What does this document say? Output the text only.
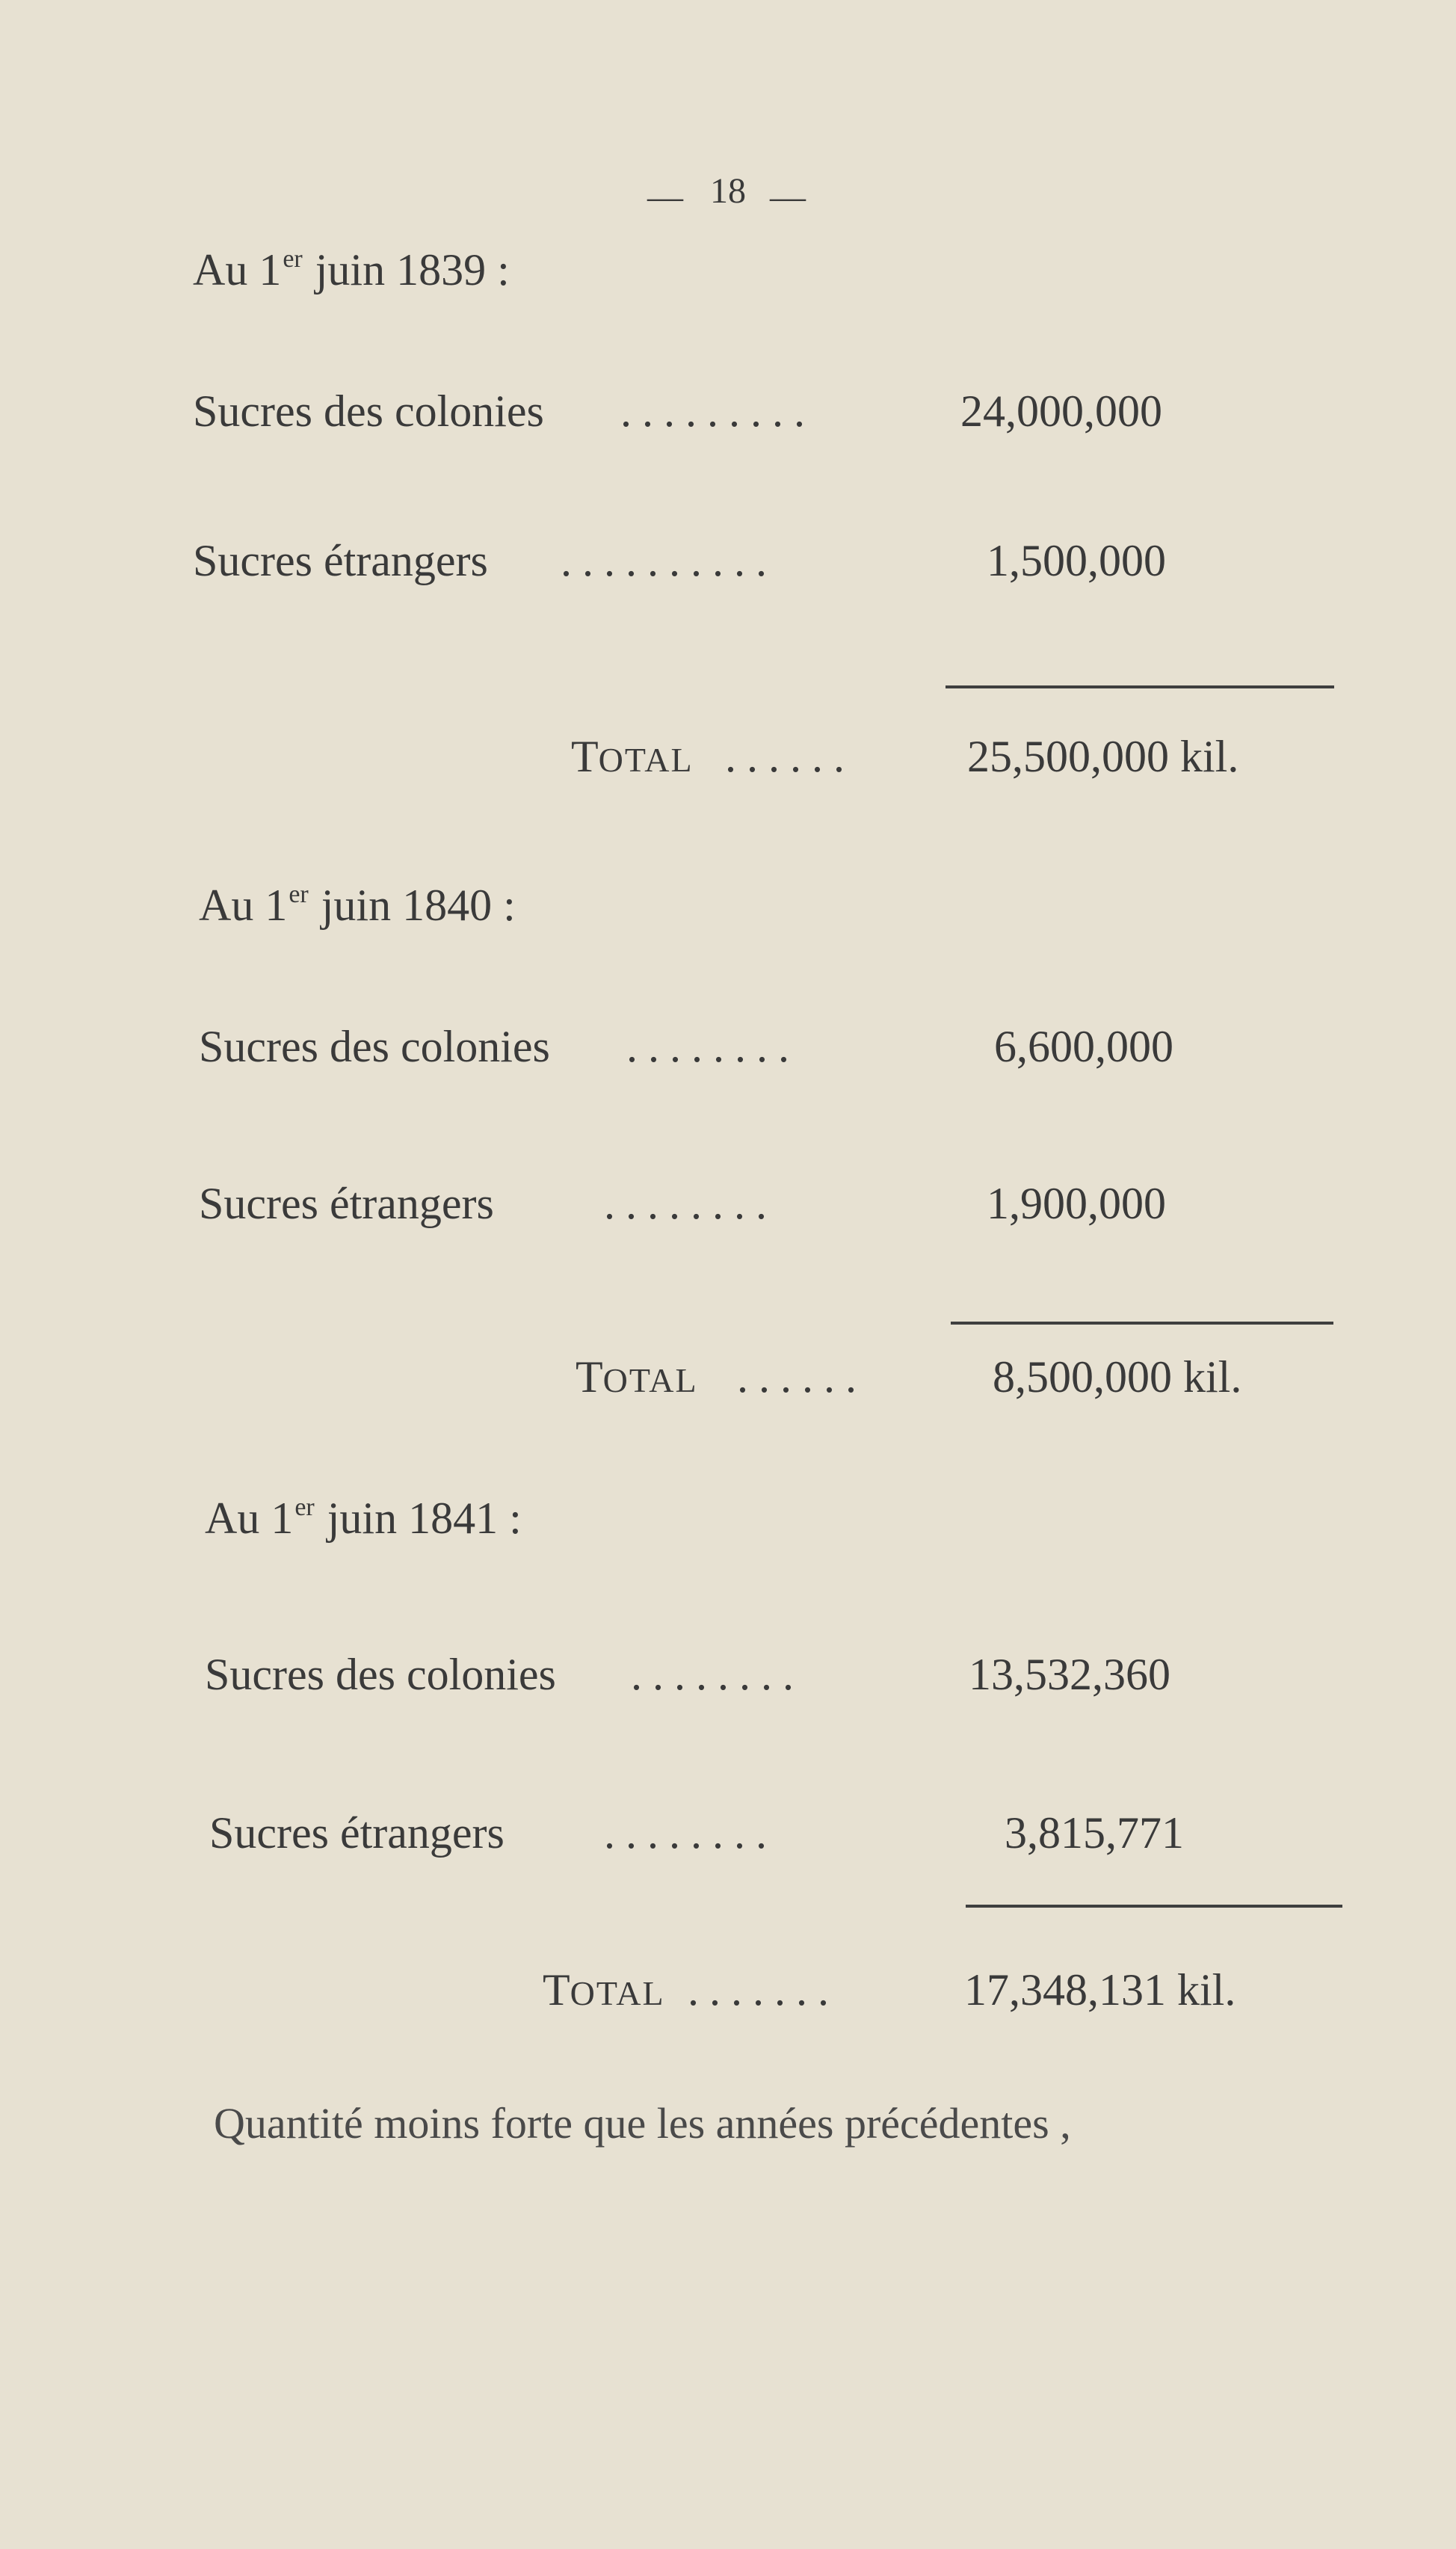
— 18 —
Au 1er juin 1839 :
Sucres des colonies .........	24,000,000
Sucres étrangers ..........	1,500,000
TOTAL ......	25,500,000 kil.
Au 1er juin 1840 :
Sucres des colonies ........	6,600,000
Sucres étrangers ........	1,900,000
TOTAL ......	8,500,000 kil.
Au 1er juin 1841 :
Sucres des colonies ........	13,532,360
Sucres étrangers ........	3,815,771
TOTAL .......	17,348,131 kil.
Quantité moins forte que les années précédentes ,
